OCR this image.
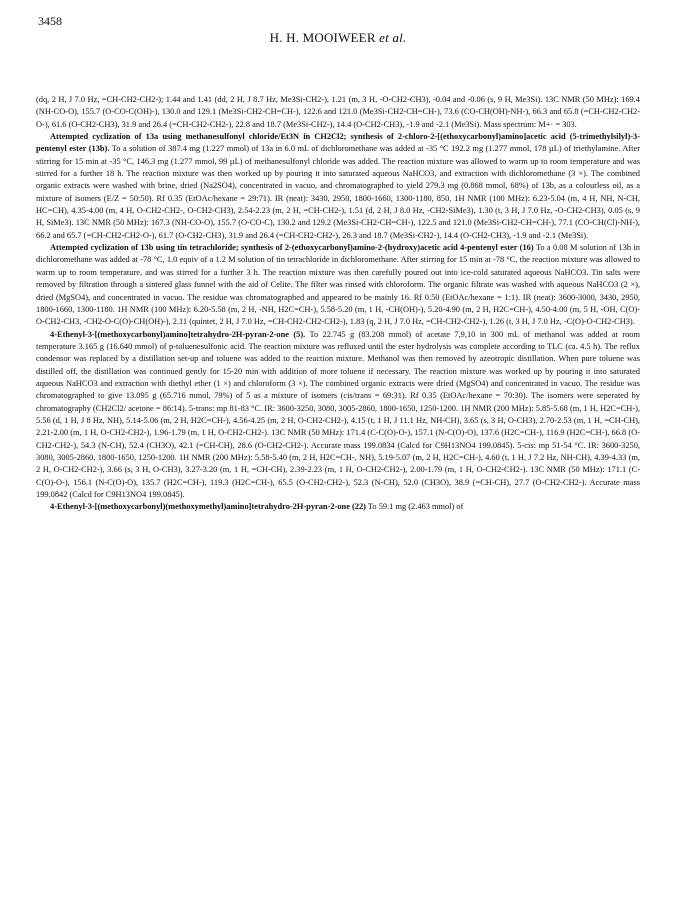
3458
H. H. MOOIWEER et al.

(dq, 2 H, J 7.0 Hz, =CH-CH2-CH2-); 1.44 and 1.41 (dd, 2 H, J 8.7 Hz, Me3Si-CH2-), 1.21 (m, 3 H, -O-CH2-CH3), -0.04 and -0.06 (s, 9 H, Me3Si). 13C NMR (50 MHz): 169.4 (NH-CO-O), 155.7 (O-CO-C(OH)-), 130.0 and 129.1 (Me3Si-CH2-CH=CH-), 122.6 and 121.0 (Me3Si-CH2-CH=CH-), 73.6 (CO-CH(OH)-NH-), 66.3 and 65.8 (=CH-CH2-CH2-O-), 61.6 (O-CH2-CH3), 31.9 and 26.4 (=CH-CH2-CH2-), 22.8 and 18.7 (Me3Si-CH2-), 14.4 (O-CH2-CH3), -1.9 and -2.1 (Me3Si). Mass spectrum: M+· = 303.

Attempted cyclization of 13a using methanesulfonyl chloride/Et3N in CH2Cl2; synthesis of 2-chloro-2-[(ethoxycarbonyl)amino]acetic acid (5-trimethylsilyl)-3-pentenyl ester (13b). To a solution of 387.4 mg (1.227 mmol) of 13a in 6.0 mL of dichloromethane was added at -35 °C 192.2 mg (1.277 mmol, 178 µL) of triethylamine. After stirring for 15 min at -35 °C, 146.3 mg (1.277 mmol, 99 µL) of methanesulfonyl chloride was added. The reaction mixture was allowed to warm up to room temperature and was stirred for a further 18 h. The reaction mixture was then worked up by pouring it into saturated aqueous NaHCO3, and extraction with dichloromethane (3 ×). The combined organic extracts were washed with brine, dried (Na2SO4), concentrated in vacuo, and chromatographed to yield 279.3 mg (0.868 mmol, 68%) of 13b, as a colourless oil, as a mixture of isomers (E/Z = 50:50). Rf 0.35 (EtOAc/hexane = 29:71). IR (neat): 3430, 2950, 1800-1660, 1300-1180, 850. 1H NMR (100 MHz): 6.23-5.04 (m, 4 H, NH, N-CH, HC=CH), 4.35-4.00 (m, 4 H, O-CH2-CH2-, O-CH2-CH3), 2.54-2.23 (m, 2 H, =CH-CH2-), 1.51 (d, 2 H, J 8.0 Hz, -CH2-SiMe3), 1.30 (t, 3 H, J 7.0 Hz, -O-CH2-CH3), 0.05 (s, 9 H, SiMe3). 13C NMR (50 MHz): 167.3 (NH-CO-O), 155.7 (O-CO-C), 130.2 and 129.2 (Me3Si-CH2-CH=CH-), 122.5 and 121.0 (Me3Si-CH2-CH=CH-), 77.1 (CO-CH(Cl)-NH-), 66.2 and 65.7 (=CH-CH2-CH2-O-), 61.7 (O-CH2-CH3), 31.9 and 26.4 (=CH-CH2-CH2-), 26.3 and 18.7 (Me3Si-CH2-), 14.4 (O-CH2-CH3), -1.9 and -2.1 (Me3Si).

Attempted cyclization of 13b using tin tetrachloride; synthesis of 2-(ethoxycarbonyl)amino-2-(hydroxy)acetic acid 4-pentenyl ester (16) To a 0.08 M solution of 13b in dichloromethane was added at -78 °C, 1.0 equiv of a 1.2 M solution of tin tetrachloride in dichloromethane. After stirring for 15 min at -78 °C, the reaction mixture was allowed to warm up to room temperature, and was stirred for a further 3 h. The reaction mixture was then carefully poured out into ice-cold saturated aqueous NaHCO3. Tin salts were removed by filtration through a sintered glass funnel with the aid of Celite. The filter was rinsed with chloroform. The organic filtrate was washed with aqueous NaHCO3 (2 ×), dried (MgSO4), and concentrated in vacuo. The residue was chromatographed and appeared to be mainly 16. Rf 0.50 (EtOAc/hexane = 1:1). IR (neat): 3600-3000, 3430, 2950, 1800-1660, 1300-1180. 1H NMR (100 MHz): 6.20-5.58 (m, 2 H, -NH, H2C=CH-), 5.58-5.20 (m, 1 H, -CH(OH)-), 5.20-4.90 (m, 2 H, H2C=CH-), 4.50-4.00 (m, 5 H, -OH, C(O)-O-CH2-CH3, -CH2-O-C(O)-CH(OH)-), 2.11 (quintet, 2 H, J 7.0 Hz, =CH-CH2-CH2-CH2-), 1.83 (q, 2 H, J 7.0 Hz, =CH-CH2-CH2-), 1.26 (t, 3 H, J 7.0 Hz, -C(O)-O-CH2-CH3).

4-Ethenyl-3-[(methoxycarbonyl)amino]tetrahydro-2H-pyran-2-one (5). To 22.745 g (83.208 mmol) of acetate 7,9,10 in 300 mL of methanol was added at room temperature 3.165 g (16.640 mmol) of p-toluenesulfonic acid. The reaction mixture was refluxed until the ester hydrolysis was complete according to TLC (ca. 4.5 h). The reflux condensor was replaced by a distillation set-up and toluene was added to the reaction mixture. Methanol was then removed by azeotropic distillation. When pure toluene was distilled off, the distillation was continued gently for 15-20 min with addition of more toluene if necessary. The reaction mixture was worked up by pouring it into saturated aqueous NaHCO3 and extraction with diethyl ether (1 ×) and chloroform (3 ×). The combined organic extracts were dried (MgSO4) and concentrated in vacuo. The residue was chromatographed to give 13.095 g (65.716 mmol, 79%) of 5 as a mixture of isomers (cis/trans = 69:31). Rf 0.35 (EtOAc/hexane = 70:30). The isomers were seperated by chromatography (CH2Cl2/ acetone = 86:14). 5-trans: mp 81-83 °C. IR: 3600-3250, 3080, 3005-2860, 1800-1650, 1250-1200. 1H NMR (200 MHz): 5.85-5.68 (m, 1 H, H2C=CH-), 5.56 (d, 1 H, J 8 Hz, NH), 5.14-5.06 (m, 2 H, H2C=CH-), 4.56-4.25 (m, 2 H, O-CH2-CH2-), 4.15 (t, 1 H, J 11.1 Hz, NH-CH), 3.65 (s, 3 H, O-CH3), 2.70-2.53 (m, 1 H, =CH-CH), 2.21-2.00 (m, 1 H, O-CH2-CH2-), 1.96-1.79 (m, 1 H, O-CH2-CH2-). 13C NMR (50 MHz): 171.4 (C-C(O)-O-), 157.1 (N-C(O)-O), 137.6 (H2C=CH-), 116.9 (H2C=CH-), 66.8 (O-CH2-CH2-), 54.3 (N-CH), 52.4 (CH3O), 42.1 (=CH-CH), 28.6 (O-CH2-CH2-). Accurate mass 199.0834 (Calcd for C9H13NO4 199.0845). 5-cis: mp 51-54 °C. IR: 3600-3250, 3080, 3005-2860, 1800-1650, 1250-1200. 1H NMR (200 MHz): 5.58-5.40 (m, 2 H, H2C=CH-, NH), 5.19-5.07 (m, 2 H, H2C=CH-), 4.60 (t, 1 H, J 7.2 Hz, NH-CH), 4.39-4.33 (m, 2 H, O-CH2-CH2-), 3.66 (s, 3 H, O-CH3), 3.27-3.20 (m, 1 H, =CH-CH), 2.39-2.23 (m, 1 H, O-CH2-CH2-), 2.00-1.79 (m, 1 H, O-CH2-CH2-). 13C NMR (50 MHz): 171.1 (C-C(O)-O-), 156.1 (N-C(O)-O), 135.7 (H2C=CH-), 119.3 (H2C=CH-), 65.5 (O-CH2-CH2-), 52.3 (N-CH), 52.0 (CH3O), 38.9 (=CH-CH), 27.7 (O-CH2-CH2-). Accurate mass 199.0842 (Calcd for C9H13NO4 199.0845).

4-Ethenyl-3-[(methoxycarbonyl)(methoxymethyl)amino]tetrahydro-2H-pyran-2-one (22) To 59.1 mg (2.463 mmol) of
